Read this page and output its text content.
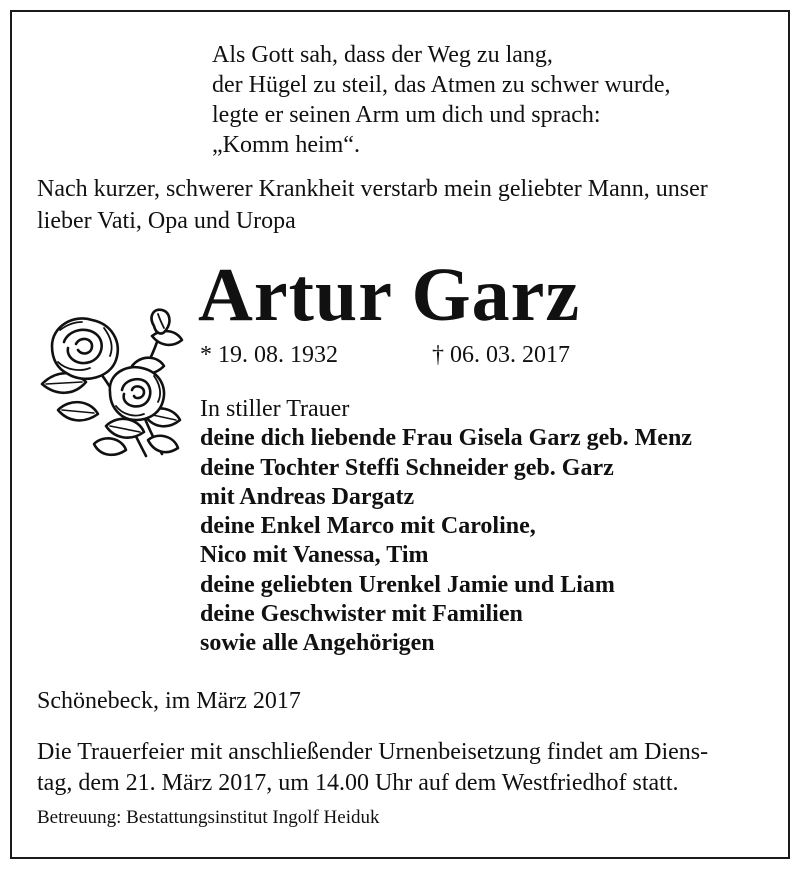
Als Gott sah, dass der Weg zu lang,
der Hügel zu steil, das Atmen zu schwer wurde,
legte er seinen Arm um dich und sprach:
„Komm heim“.
Nach kurzer, schwerer Krankheit verstarb mein geliebter Mann, unser
lieber Vati, Opa und Uropa
Artur Garz
* 19. 08. 1932	† 06. 03. 2017
In stiller Trauer
deine dich liebende Frau Gisela Garz geb. Menz
deine Tochter Steffi Schneider geb. Garz
mit Andreas Dargatz
deine Enkel Marco mit Caroline,
Nico mit Vanessa, Tim
deine geliebten Urenkel Jamie und Liam
deine Geschwister mit Familien
sowie alle Angehörigen
Schönebeck, im März 2017
Die Trauerfeier mit anschließender Urnenbeisetzung findet am Diens-
tag, dem 21. März 2017, um 14.00 Uhr auf dem Westfriedhof statt.
Betreuung: Bestattungsinstitut Ingolf Heiduk
